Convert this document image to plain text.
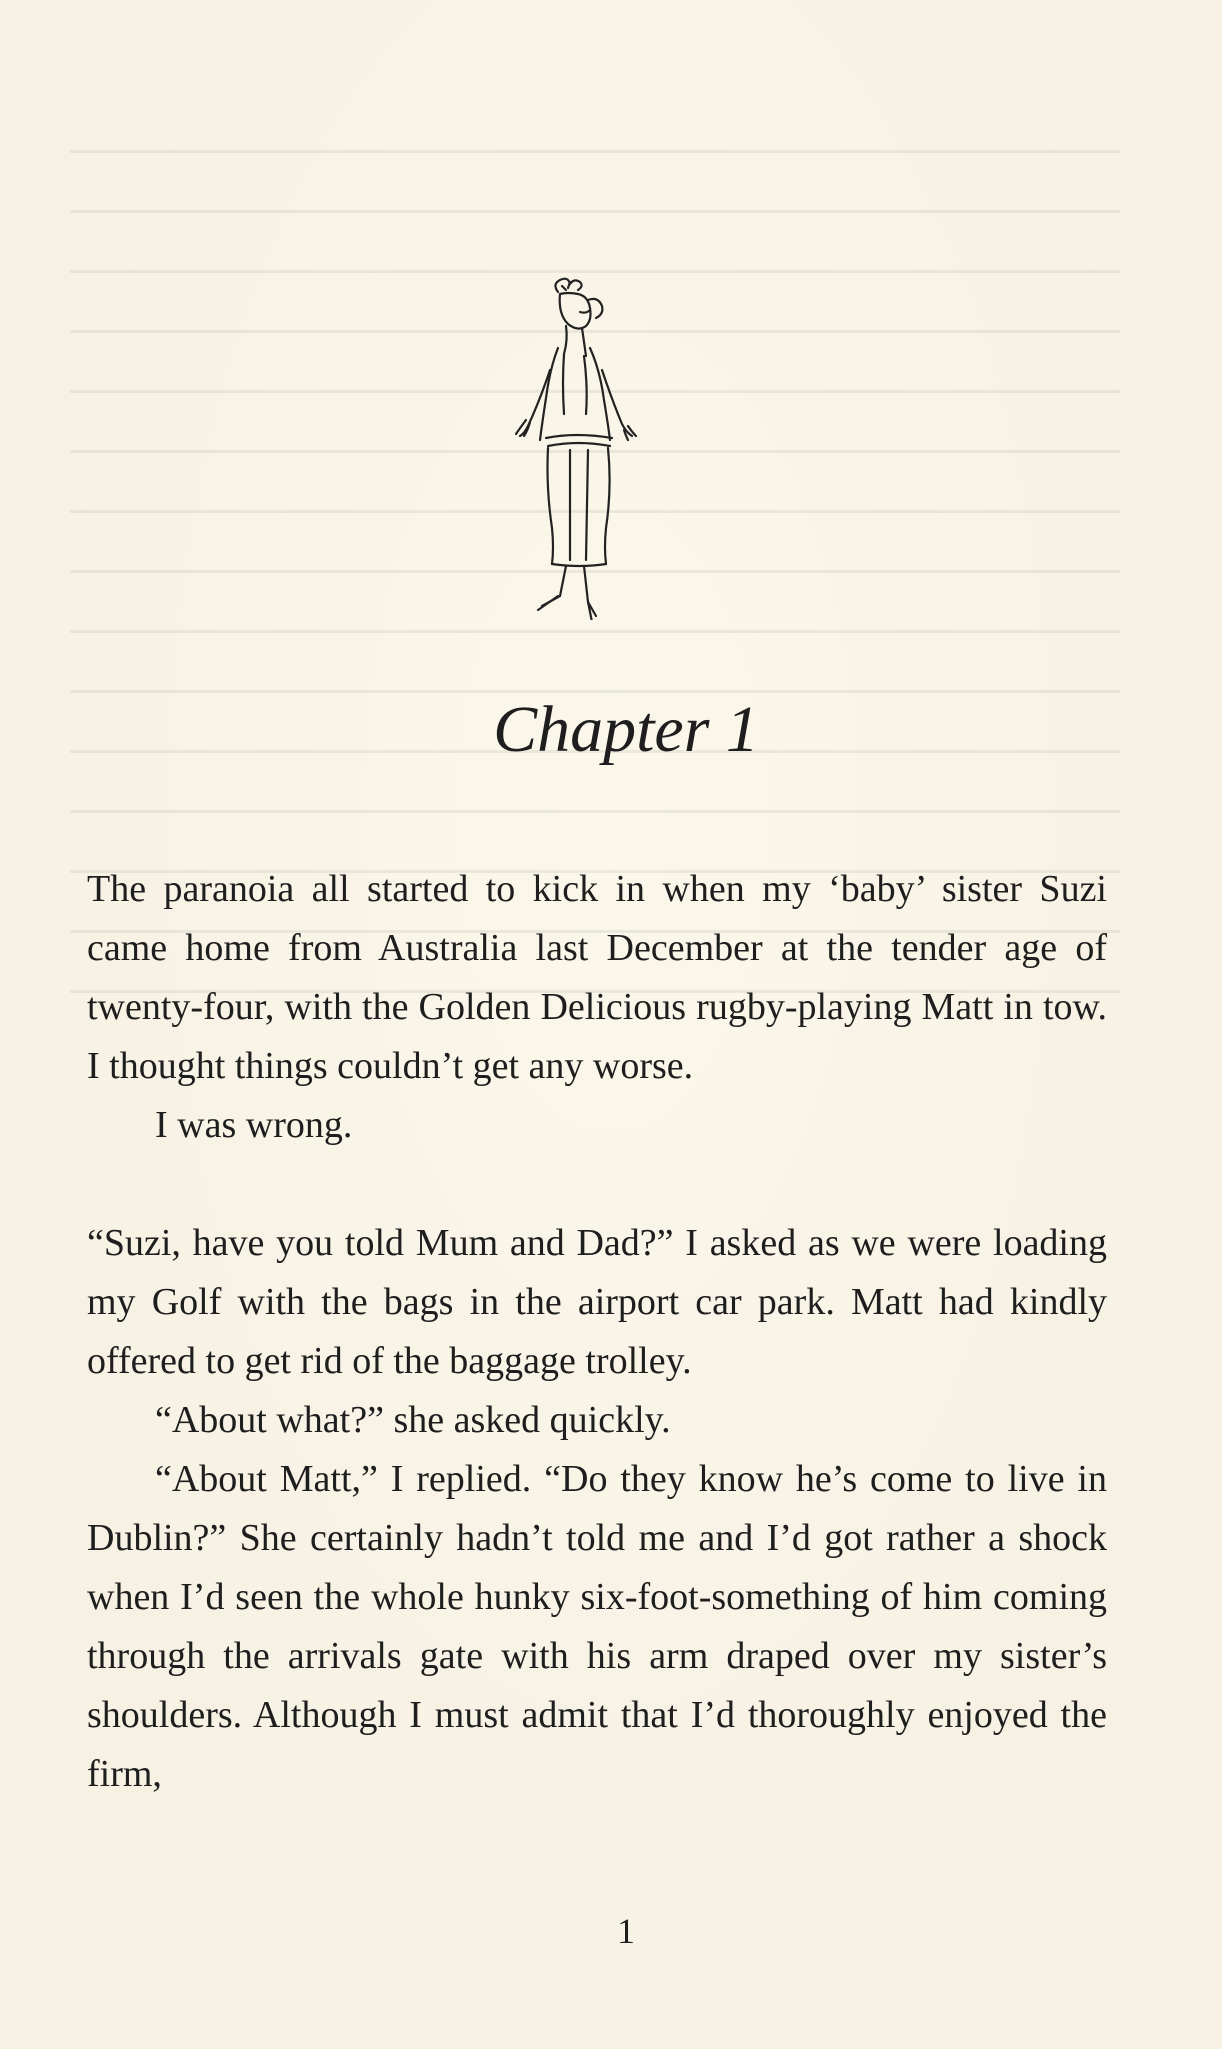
Chapter 1

The paranoia all started to kick in when my ‘baby’ sister Suzi came home from Australia last December at the tender age of twenty-four, with the Golden Delicious rugby-playing Matt in tow. I thought things couldn’t get any worse.

I was wrong.

“Suzi, have you told Mum and Dad?” I asked as we were loading my Golf with the bags in the airport car park. Matt had kindly offered to get rid of the baggage trolley.

“About what?” she asked quickly.

“About Matt,” I replied. “Do they know he’s come to live in Dublin?” She certainly hadn’t told me and I’d got rather a shock when I’d seen the whole hunky six-foot-something of him coming through the arrivals gate with his arm draped over my sister’s shoulders. Although I must admit that I’d thoroughly enjoyed the firm,

1
